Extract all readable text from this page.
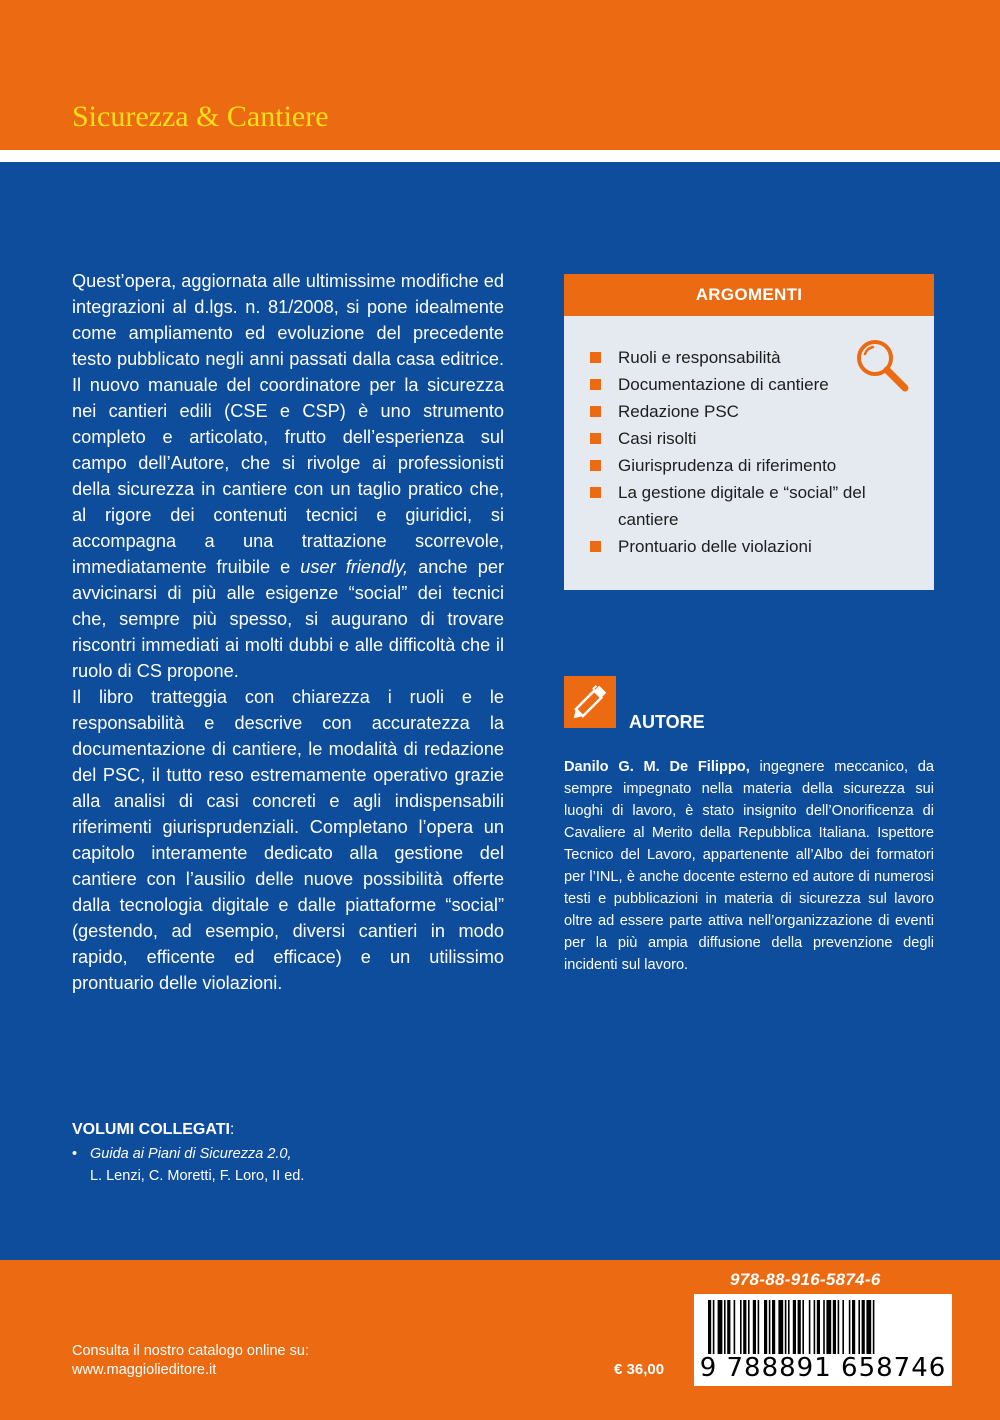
Sicurezza & Cantiere

Quest’opera, aggiornata alle ultimissime modifiche ed integrazioni al d.lgs. n. 81/2008, si pone idealmente come ampliamento ed evoluzione del precedente testo pubblicato negli anni passati dalla casa editrice. Il nuovo manuale del coordinatore per la sicurezza nei cantieri edili (CSE e CSP) è uno strumento completo e articolato, frutto dell’esperienza sul campo dell’Autore, che si rivolge ai professionisti della sicurezza in cantiere con un taglio pratico che, al rigore dei contenuti tecnici e giuridici, si accompagna a una trattazione scorrevole, immediatamente fruibile e user friendly, anche per avvicinarsi di più alle esigenze “social” dei tecnici che, sempre più spesso, si augurano di trovare riscontri immediati ai molti dubbi e alle difficoltà che il ruolo di CS propone.

Il libro tratteggia con chiarezza i ruoli e le responsabilità e descrive con accuratezza la documentazione di cantiere, le modalità di redazione del PSC, il tutto reso estremamente operativo grazie alla analisi di casi concreti e agli indispensabili riferimenti giurisprudenziali. Completano l’opera un capitolo interamente dedicato alla gestione del cantiere con l’ausilio delle nuove possibilità offerte dalla tecnologia digitale e dalle piattaforme “social” (gestendo, ad esempio, diversi cantieri in modo rapido, efficente ed efficace) e un utilissimo prontuario delle violazioni.

ARGOMENTI
Ruoli e responsabilità
Documentazione di cantiere
Redazione PSC
Casi risolti
Giurisprudenza di riferimento
La gestione digitale e “social” del cantiere
Prontuario delle violazioni
AUTORE

Danilo G. M. De Filippo, ingegnere meccanico, da sempre impegnato nella materia della sicurezza sui luoghi di lavoro, è stato insignito dell’Onorificenza di Cavaliere al Merito della Repubblica Italiana. Ispettore Tecnico del Lavoro, appartenente all’Albo dei formatori per l’INL, è anche docente esterno ed autore di numerosi testi e pubblicazioni in materia di sicurezza sul lavoro oltre ad essere parte attiva nell’organizzazione di eventi per la più ampia diffusione della prevenzione degli incidenti sul lavoro.

VOLUMI COLLEGATI:
• Guida ai Piani di Sicurezza 2.0,
L. Lenzi, C. Moretti, F. Loro, II ed.

978-88-916-5874-6

9 788891 658746

Consulta il nostro catalogo online su:
www.maggiolieditore.it	€ 36,00
